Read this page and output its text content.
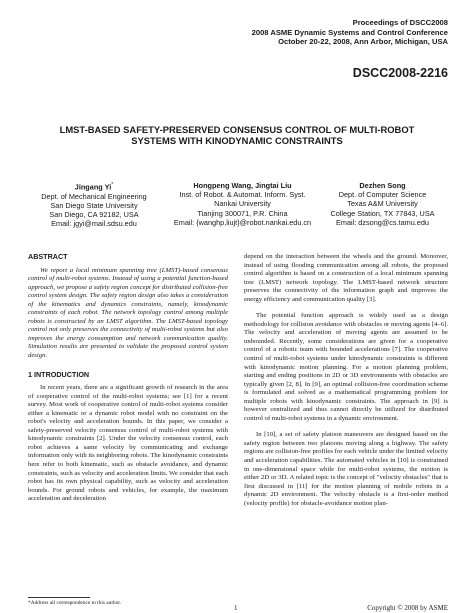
Proceedings of DSCC2008
2008 ASME Dynamic Systems and Control Conference
October 20-22, 2008, Ann Arbor, Michigan, USA
DSCC2008-2216
LMST-BASED SAFETY-PRESERVED CONSENSUS CONTROL OF MULTI-ROBOT
SYSTEMS WITH KINODYNAMIC CONSTRAINTS
Jingang Yi*
Dept. of Mechanical Engineering
San Diego State University
San Diego, CA 92182, USA
Email: jgyi@mail.sdsu.edu
Hongpeng Wang, Jingtai Liu
Inst. of Robot. & Automat. Inform. Syst.
Nankai University
Tianjing 300071, P.R. China
Email: {wanghp,liujt}@robot.nankai.edu.cn
Dezhen Song
Dept. of Computer Science
Texas A&M University
College Station, TX 77843, USA
Email: dzsong@cs.tamu.edu
ABSTRACT

We report a local minimum spanning tree (LMST)-based consensus control of multi-robot systems. Instead of using a potential function-based approach, we propose a safety region concept for distributed collision-free control system design. The safety region design also takes a consideration of the kinematics and dynamics constraints, namely, kinodynamic constraints of each robot. The network topology control among multiple robots is constructed by an LMST algorithm. The LMST-based topology control not only preserves the connectivity of multi-robot systems but also improves the energy consumption and network communication quality. Simulation results are presented to validate the proposed control system design.

1 INTRODUCTION

In recent years, there are a significant growth of research in the area of cooperative control of the multi-robot systems; see [1] for a recent survey. Most work of cooperative control of multi-robot systems consider either a kinematic or a dynamic robot model with no constraint on the robot's velocity and acceleration bounds. In this paper, we consider a safety-preserved velocity consensus control of multi-robot systems with kinodynamic constraints [2]. Under the velocity consensus control, each robot achieves a same velocity by communicating and exchange information only with its neighboring robots. The kinodynamic constraints here refer to both kinematic, such as obstacle avoidance, and dynamic constraints, such as velocity and acceleration limits. We consider that each robot has its own physical capability, such as velocity and acceleration bounds. For ground robots and vehicles, for example, the maximum acceleration and deceleration

depend on the interaction between the wheels and the ground. Moreover, instead of using flooding communication among all robots, the proposed control algorithm is based on a construction of a local minimum spanning tree (LMST) network topology. The LMST-based network structure preserves the connectivity of the information graph and improves the energy efficiency and communication quality [3].

The potential function approach is widely used as a design methodology for collision avoidance with obstacles or moving agents [4–6]. The velocity and acceleration of moving agents are assumed to be unbounded. Recently, some considerations are given for a cooperative control of a robotic team with bounded accelerations [7]. The cooperative control of multi-robot systems under kinodynamic constraints is different with kinodynamic motion planning. For a motion planning problem, starting and ending positions in 2D or 3D environments with obstacles are typically given [2, 8]. In [9], an optimal collision-free coordination scheme is formulated and solved as a mathematical programming problem for multiple robots with kinodynamic constraints. The approach in [9] is however centralized and thus cannot directly be utilized for distributed control of multi-robot systems in a dynamic environment.

In [10], a set of safety platoon maneuvers are designed based on the safety region between two platoons moving along a highway. The safety regions are collision-free profiles for each vehicle under the limited velocity and acceleration capabilities. The automated vehicles in [10] is constrained in one-dimensional space while for multi-robot systems, the motion is either 2D or 3D. A related topic is the concept of "velocity obstacles" that is first discussed in [11] for the motion planning of mobile robots in a dynamic 2D environment. The velocity obstacle is a first-order method (velocity profile) for obstacle-avoidance motion plan-

*Address all correspondence to this author.
1	Copyright © 2008 by ASME
